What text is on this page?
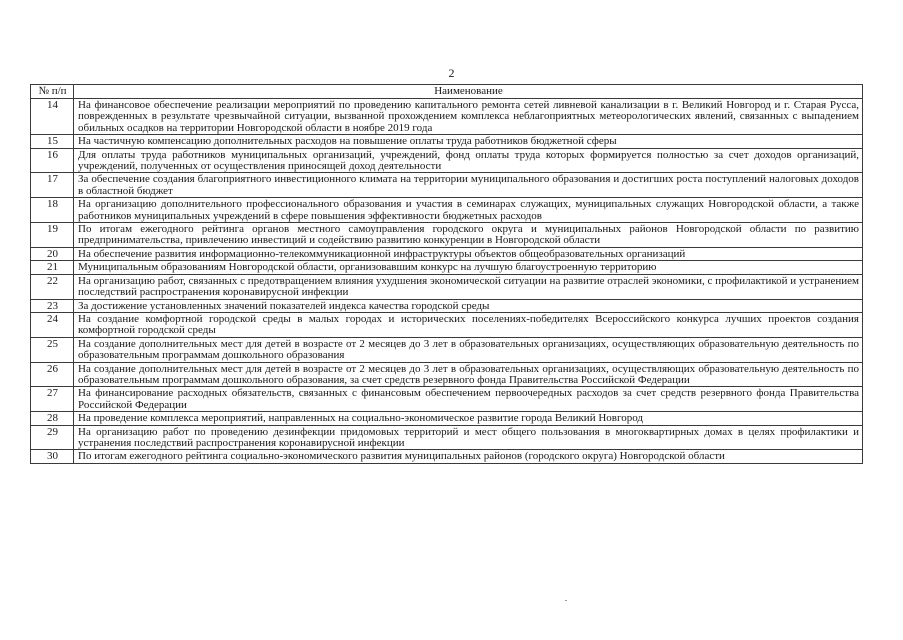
2
№ п/п	Наименование
14	На финансовое обеспечение реализации мероприятий по проведению капитального ремонта сетей ливневой канализации в г. Великий Новгород и г. Старая Русса, поврежденных в результате чрезвычайной ситуации, вызванной прохождением комплекса неблагоприятных метеорологических явлений, связанных с выпадением обильных осадков на территории Новгородской области в ноябре 2019 года
15	На частичную компенсацию дополнительных расходов на повышение оплаты труда работников бюджетной сферы
16	Для оплаты труда работников муниципальных организаций, учреждений, фонд оплаты труда которых формируется полностью за счет доходов организаций, учреждений, полученных от осуществления приносящей доход деятельности
17	За обеспечение создания благоприятного инвестиционного климата на территории муниципального образования и достигших роста поступлений налоговых доходов в областной бюджет
18	На организацию дополнительного профессионального образования и участия в семинарах служащих, муниципальных служащих Новгородской области, а также работников муниципальных учреждений в сфере повышения эффективности бюджетных расходов
19	По итогам ежегодного рейтинга органов местного самоуправления городского округа и муниципальных районов Новгородской области по развитию предпринимательства, привлечению инвестиций и содействию развитию конкуренции в Новгородской области
20	На обеспечение развития информационно-телекоммуникационной инфраструктуры объектов общеобразовательных организаций
21	Муниципальным образованиям Новгородской области, организовавшим конкурс на лучшую благоустроенную территорию
22	На организацию работ, связанных с предотвращением влияния ухудшения экономической ситуации на развитие отраслей экономики, с профилактикой и устранением последствий распространения коронавирусной инфекции
23	За достижение установленных значений показателей индекса качества городской среды
24	На создание комфортной городской среды в малых городах и исторических поселениях-победителях Всероссийского конкурса лучших проектов создания комфортной городской среды
25	На создание дополнительных мест для детей в возрасте от 2 месяцев до 3 лет в образовательных организациях, осуществляющих образовательную деятельность по образовательным программам дошкольного образования
26	На создание дополнительных мест для детей в возрасте от 2 месяцев до 3 лет в образовательных организациях, осуществляющих образовательную деятельность по образовательным программам дошкольного образования, за счет средств резервного фонда Правительства Российской Федерации
27	На финансирование расходных обязательств, связанных с финансовым обеспечением первоочередных расходов за счет средств резервного фонда Правительства Российской Федерации
28	На проведение комплекса мероприятий, направленных на социально-экономическое развитие города Великий Новгород
29	На организацию работ по проведению дезинфекции придомовых территорий и мест общего пользования в многоквартирных домах в целях профилактики и устранения последствий распространения коронавирусной инфекции
30	По итогам ежегодного рейтинга социально-экономического развития муниципальных районов (городского округа) Новгородской области
